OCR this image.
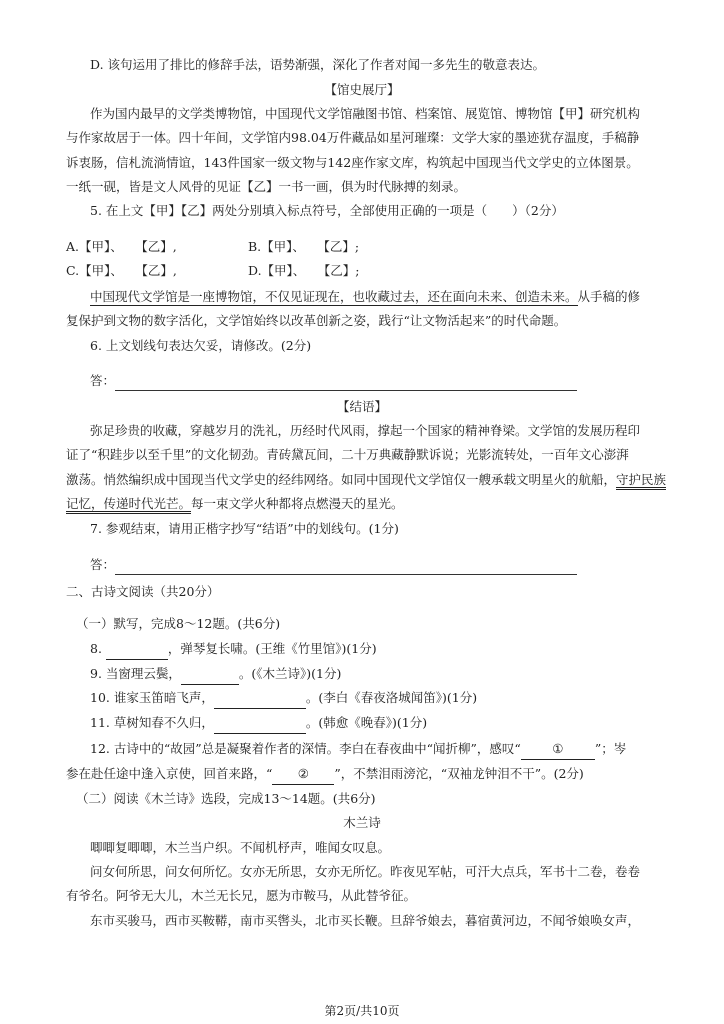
D. 该句运用了排比的修辞手法，语势渐强，深化了作者对闻一多先生的敬意表达。
【馆史展厅】
作为国内最早的文学类博物馆，中国现代文学馆融图书馆、档案馆、展览馆、博物馆【甲】研究机构
与作家故居于一体。四十年间，文学馆内98.04万件藏品如星河璀璨：文学大家的墨迹犹存温度，手稿静
诉衷肠，信札流淌情谊，143件国家一级文物与142座作家文库，构筑起中国现当代文学史的立体图景。
一纸一砚，皆是文人风骨的见证【乙】一书一画，俱为时代脉搏的刻录。
5. 在上文【甲】【乙】两处分别填入标点符号，全部使用正确的一项是（　　）（2分）
A.【甲】、　　【乙】,	B.【甲】、　　【乙】;
C.【甲】、　　【乙】,	D.【甲】、　　【乙】;
中国现代文学馆是一座博物馆，不仅见证现在，也收藏过去，还在面向未来、创造未来。从手稿的修
复保护到文物的数字活化，文学馆始终以改革创新之姿，践行“让文物活起来”的时代命题。
6. 上文划线句表达欠妥，请修改。(2分)
答：
【结语】
弥足珍贵的收藏，穿越岁月的洗礼，历经时代风雨，撑起一个国家的精神脊梁。文学馆的发展历程印
证了“积跬步以至千里”的文化韧劲。青砖黛瓦间，二十万典藏静默诉说；光影流转处，一百年文心澎湃
激荡。悄然编织成中国现当代文学史的经纬网络。如同中国现代文学馆仅一艘承载文明星火的航船，守护民族
记忆，传递时代光芒。每一束文学火种都将点燃漫天的星光。
7. 参观结束，请用正楷字抄写“结语”中的划线句。(1分)
答：
二、古诗文阅读（共20分）
（一）默写，完成8～12题。(共6分)
8.	，弹琴复长啸。(王维《竹里馆》)(1分)
9. 当窗理云鬓，	。(《木兰诗》)(1分)
10. 谁家玉笛暗飞声，	。(李白《春夜洛城闻笛》)(1分)
11. 草树知春不久归，	。(韩愈《晚春》)(1分)
12. 古诗中的“故园”总是凝聚着作者的深情。李白在春夜曲中“闻折柳”，感叹“	①	”；岑
参在赴任途中逢入京使，回首来路，“ ② ”，不禁泪雨滂沱，“双袖龙钟泪不干”。(2分)
（二）阅读《木兰诗》选段，完成13～14题。(共6分)
木兰诗
唧唧复唧唧，木兰当户织。不闻机杼声，唯闻女叹息。
问女何所思，问女何所忆。女亦无所思，女亦无所忆。昨夜见军帖，可汗大点兵，军书十二卷，卷卷
有爷名。阿爷无大儿，木兰无长兄，愿为市鞍马，从此替爷征。
东市买骏马，西市买鞍鞯，南市买辔头，北市买长鞭。旦辞爷娘去，暮宿黄河边，不闻爷娘唤女声，
第2页/共10页
